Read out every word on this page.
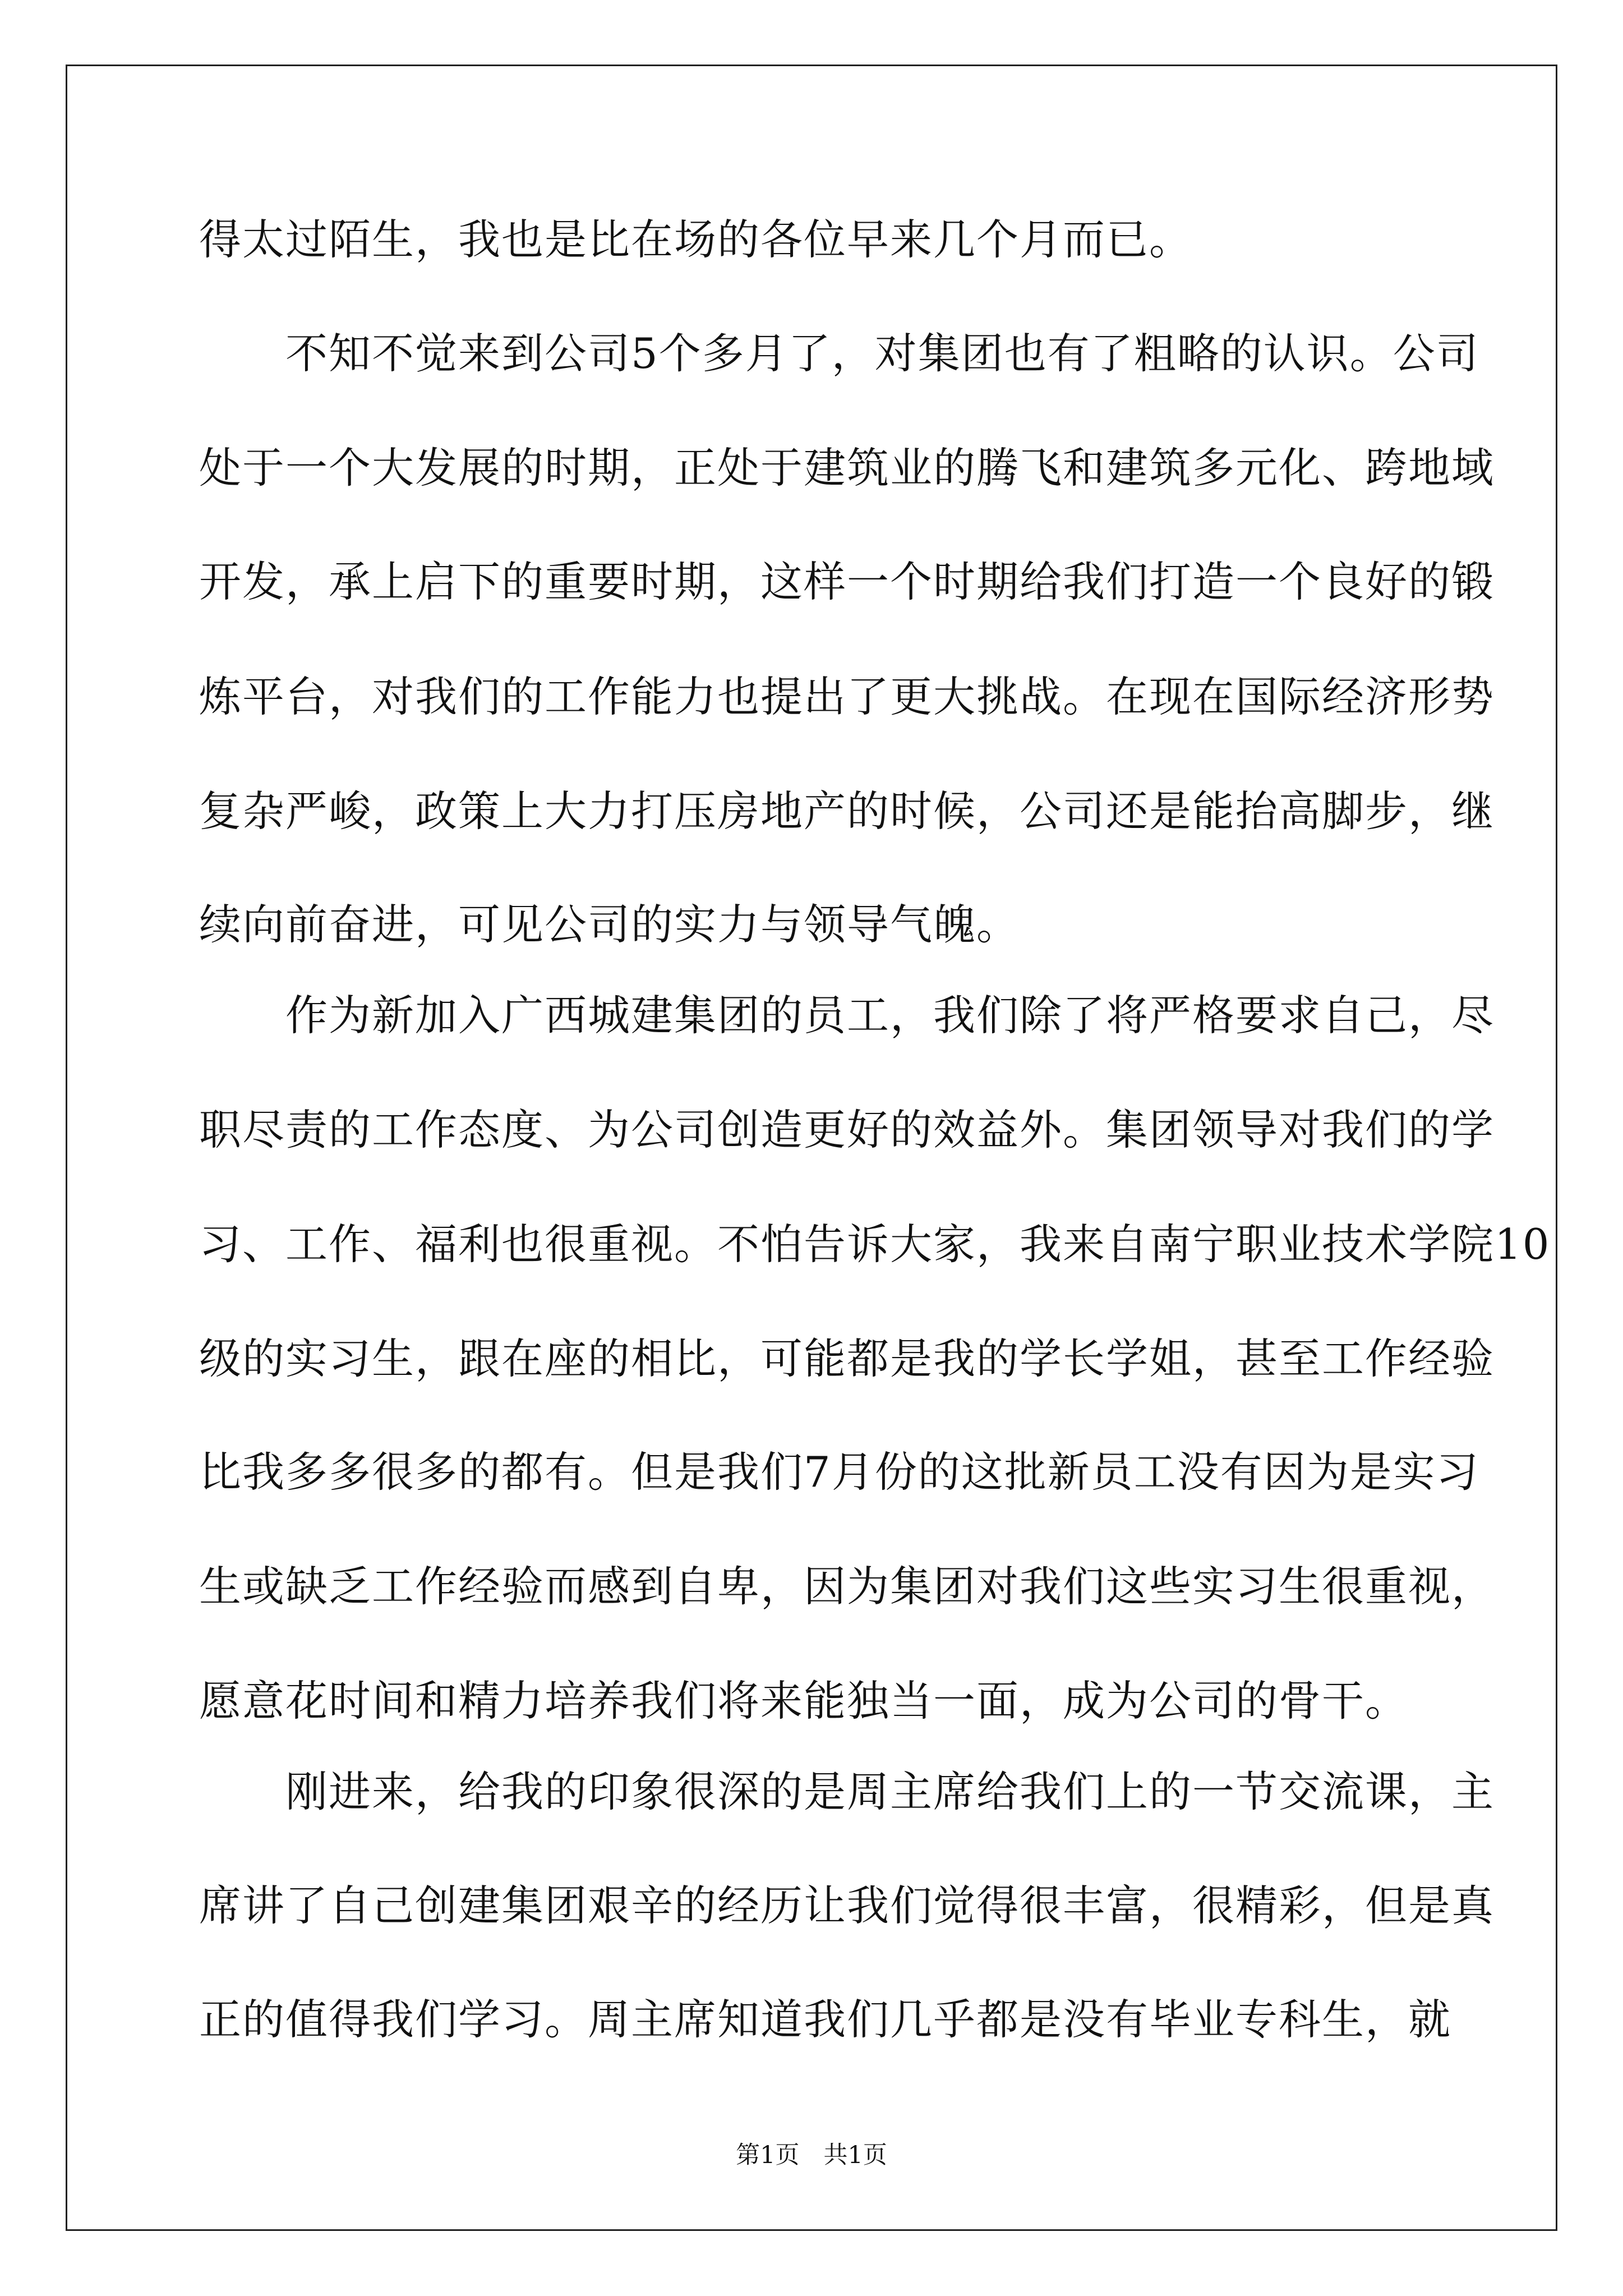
得太过陌生，我也是比在场的各位早来几个月而已。
　　不知不觉来到公司5个多月了，对集团也有了粗略的认识。公司
处于一个大发展的时期，正处于建筑业的腾飞和建筑多元化、跨地域
开发，承上启下的重要时期，这样一个时期给我们打造一个良好的锻
炼平台，对我们的工作能力也提出了更大挑战。在现在国际经济形势
复杂严峻，政策上大力打压房地产的时候，公司还是能抬高脚步，继
续向前奋进，可见公司的实力与领导气魄。
　　作为新加入广西城建集团的员工，我们除了将严格要求自己，尽
职尽责的工作态度、为公司创造更好的效益外。集团领导对我们的学
习、工作、福利也很重视。不怕告诉大家，我来自南宁职业技术学院10
级的实习生，跟在座的相比，可能都是我的学长学姐，甚至工作经验
比我多多很多的都有。但是我们7月份的这批新员工没有因为是实习
生或缺乏工作经验而感到自卑，因为集团对我们这些实习生很重视，
愿意花时间和精力培养我们将来能独当一面，成为公司的骨干。
　　刚进来，给我的印象很深的是周主席给我们上的一节交流课，主
席讲了自己创建集团艰辛的经历让我们觉得很丰富，很精彩，但是真
正的值得我们学习。周主席知道我们几乎都是没有毕业专科生，就
第1页　共1页
